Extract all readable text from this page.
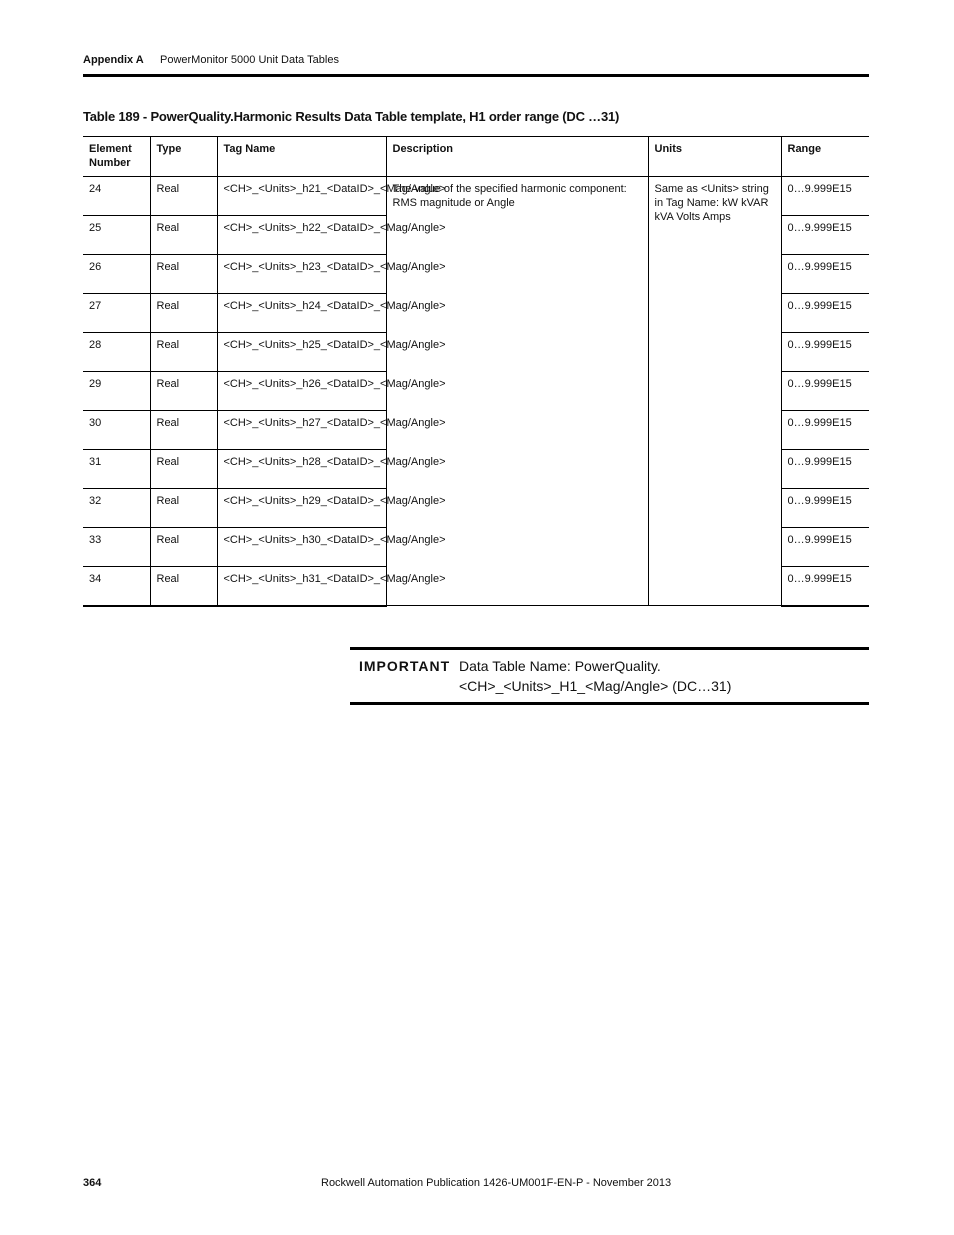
Appendix A PowerMonitor 5000 Unit Data Tables
Table 189 - PowerQuality.Harmonic Results Data Table template, H1 order range (DC …31)
Element Number	Type	Tag Name	Description	Units	Range
24	Real	<CH>_<Units>_h21_<DataID>_<Mag/Angle>	The value of the specified harmonic component: RMS magnitude or Angle	Same as <Units> string in Tag Name: kW kVAR kVA Volts Amps	0…9.999E15
25	Real	<CH>_<Units>_h22_<DataID>_<Mag/Angle>			0…9.999E15
26	Real	<CH>_<Units>_h23_<DataID>_<Mag/Angle>			0…9.999E15
27	Real	<CH>_<Units>_h24_<DataID>_<Mag/Angle>			0…9.999E15
28	Real	<CH>_<Units>_h25_<DataID>_<Mag/Angle>			0…9.999E15
29	Real	<CH>_<Units>_h26_<DataID>_<Mag/Angle>			0…9.999E15
30	Real	<CH>_<Units>_h27_<DataID>_<Mag/Angle>			0…9.999E15
31	Real	<CH>_<Units>_h28_<DataID>_<Mag/Angle>			0…9.999E15
32	Real	<CH>_<Units>_h29_<DataID>_<Mag/Angle>			0…9.999E15
33	Real	<CH>_<Units>_h30_<DataID>_<Mag/Angle>			0…9.999E15
34	Real	<CH>_<Units>_h31_<DataID>_<Mag/Angle>			0…9.999E15
IMPORTANT Data Table Name: PowerQuality.<CH>_<Units>_H1_<Mag/Angle> (DC…31)
364	Rockwell Automation Publication 1426-UM001F-EN-P - November 2013
